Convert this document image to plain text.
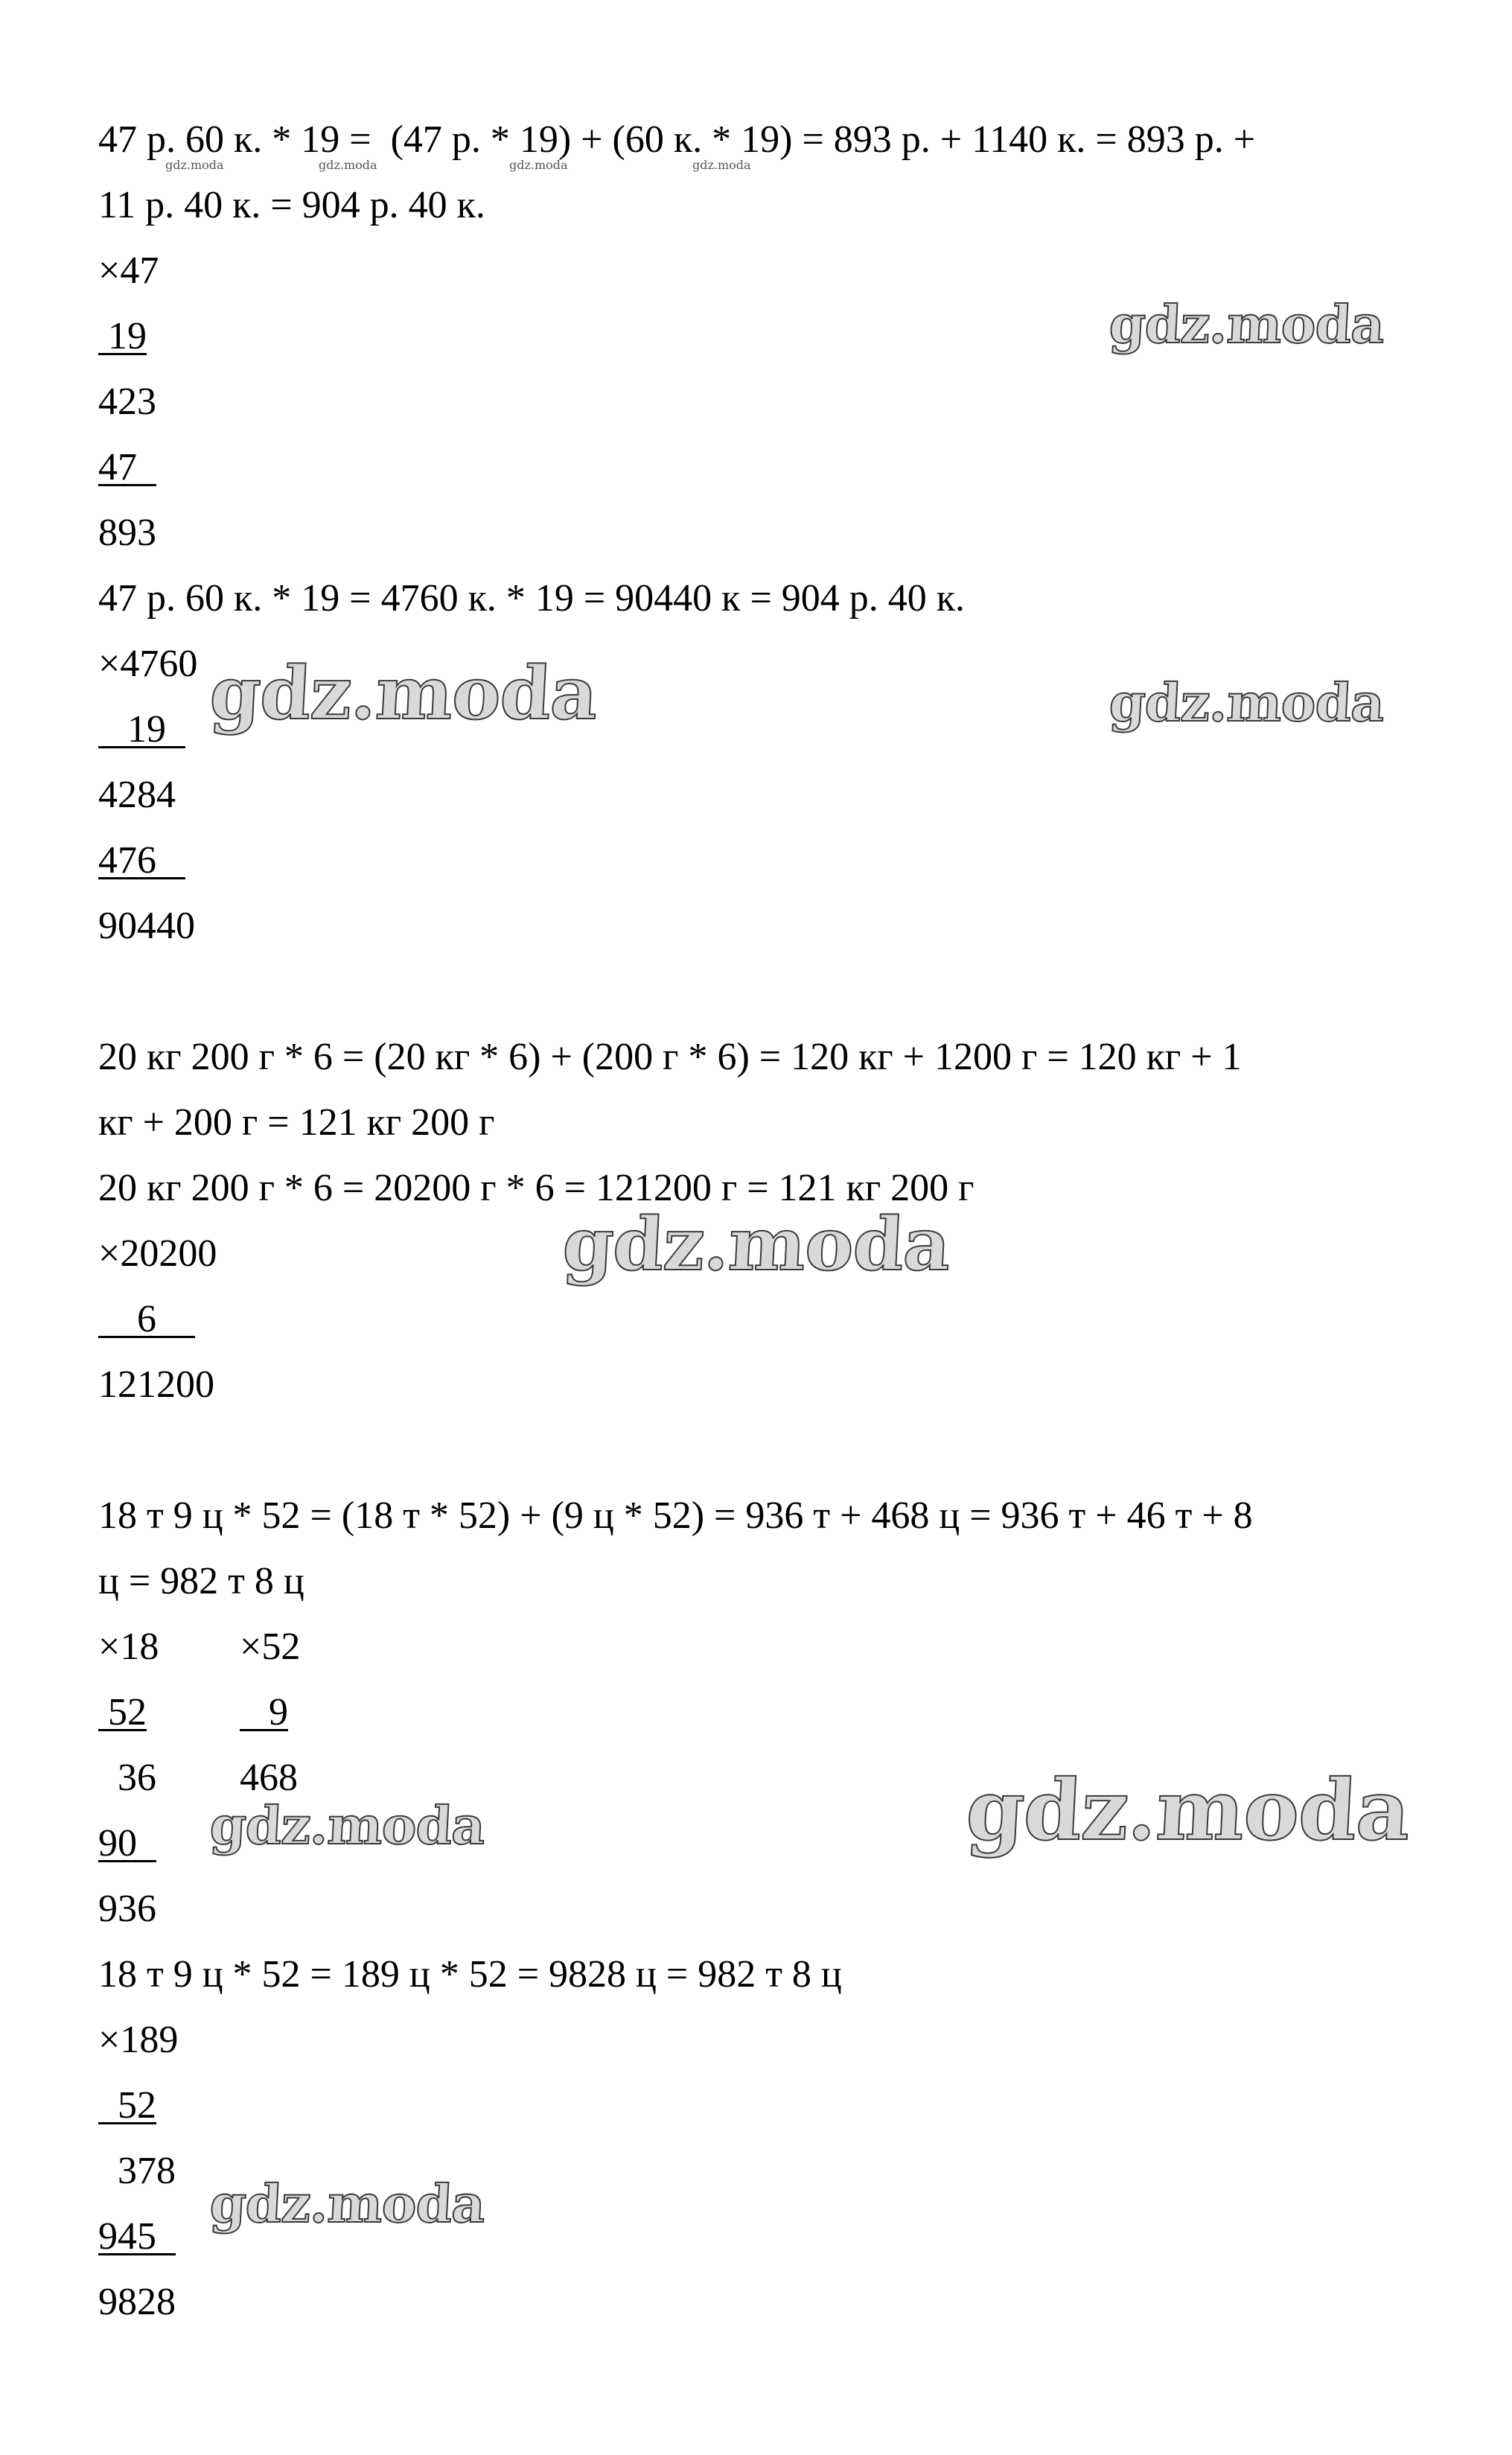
47 р. 60 к. * 19 =  (47 р. * 19) + (60 к. * 19) = 893 р. + 1140 к. = 893 р. +
11 р. 40 к. = 904 р. 40 к.
×47
19
423
47
893
47 р. 60 к. * 19 = 4760 к. * 19 = 90440 к = 904 р. 40 к.
×4760
19
4284
476
90440
20 кг 200 г * 6 = (20 кг * 6) + (200 г * 6) = 120 кг + 1200 г = 120 кг + 1
кг + 200 г = 121 кг 200 г
20 кг 200 г * 6 = 20200 г * 6 = 121200 г = 121 кг 200 г
×20200
6
121200
18 т 9 ц * 52 = (18 т * 52) + (9 ц * 52) = 936 т + 468 ц = 936 т + 46 т + 8
ц = 982 т 8 ц
×18 ×52
52 9
36 468
90
936
18 т 9 ц * 52 = 189 ц * 52 = 9828 ц = 982 т 8 ц
×189
52
378
945
9828
gdz.moda	gdz.moda	gdz.moda	gdz.moda
gdz.moda
gdz.moda	gdz.moda
gdz.moda
gdz.moda	gdz.moda
gdz.moda
